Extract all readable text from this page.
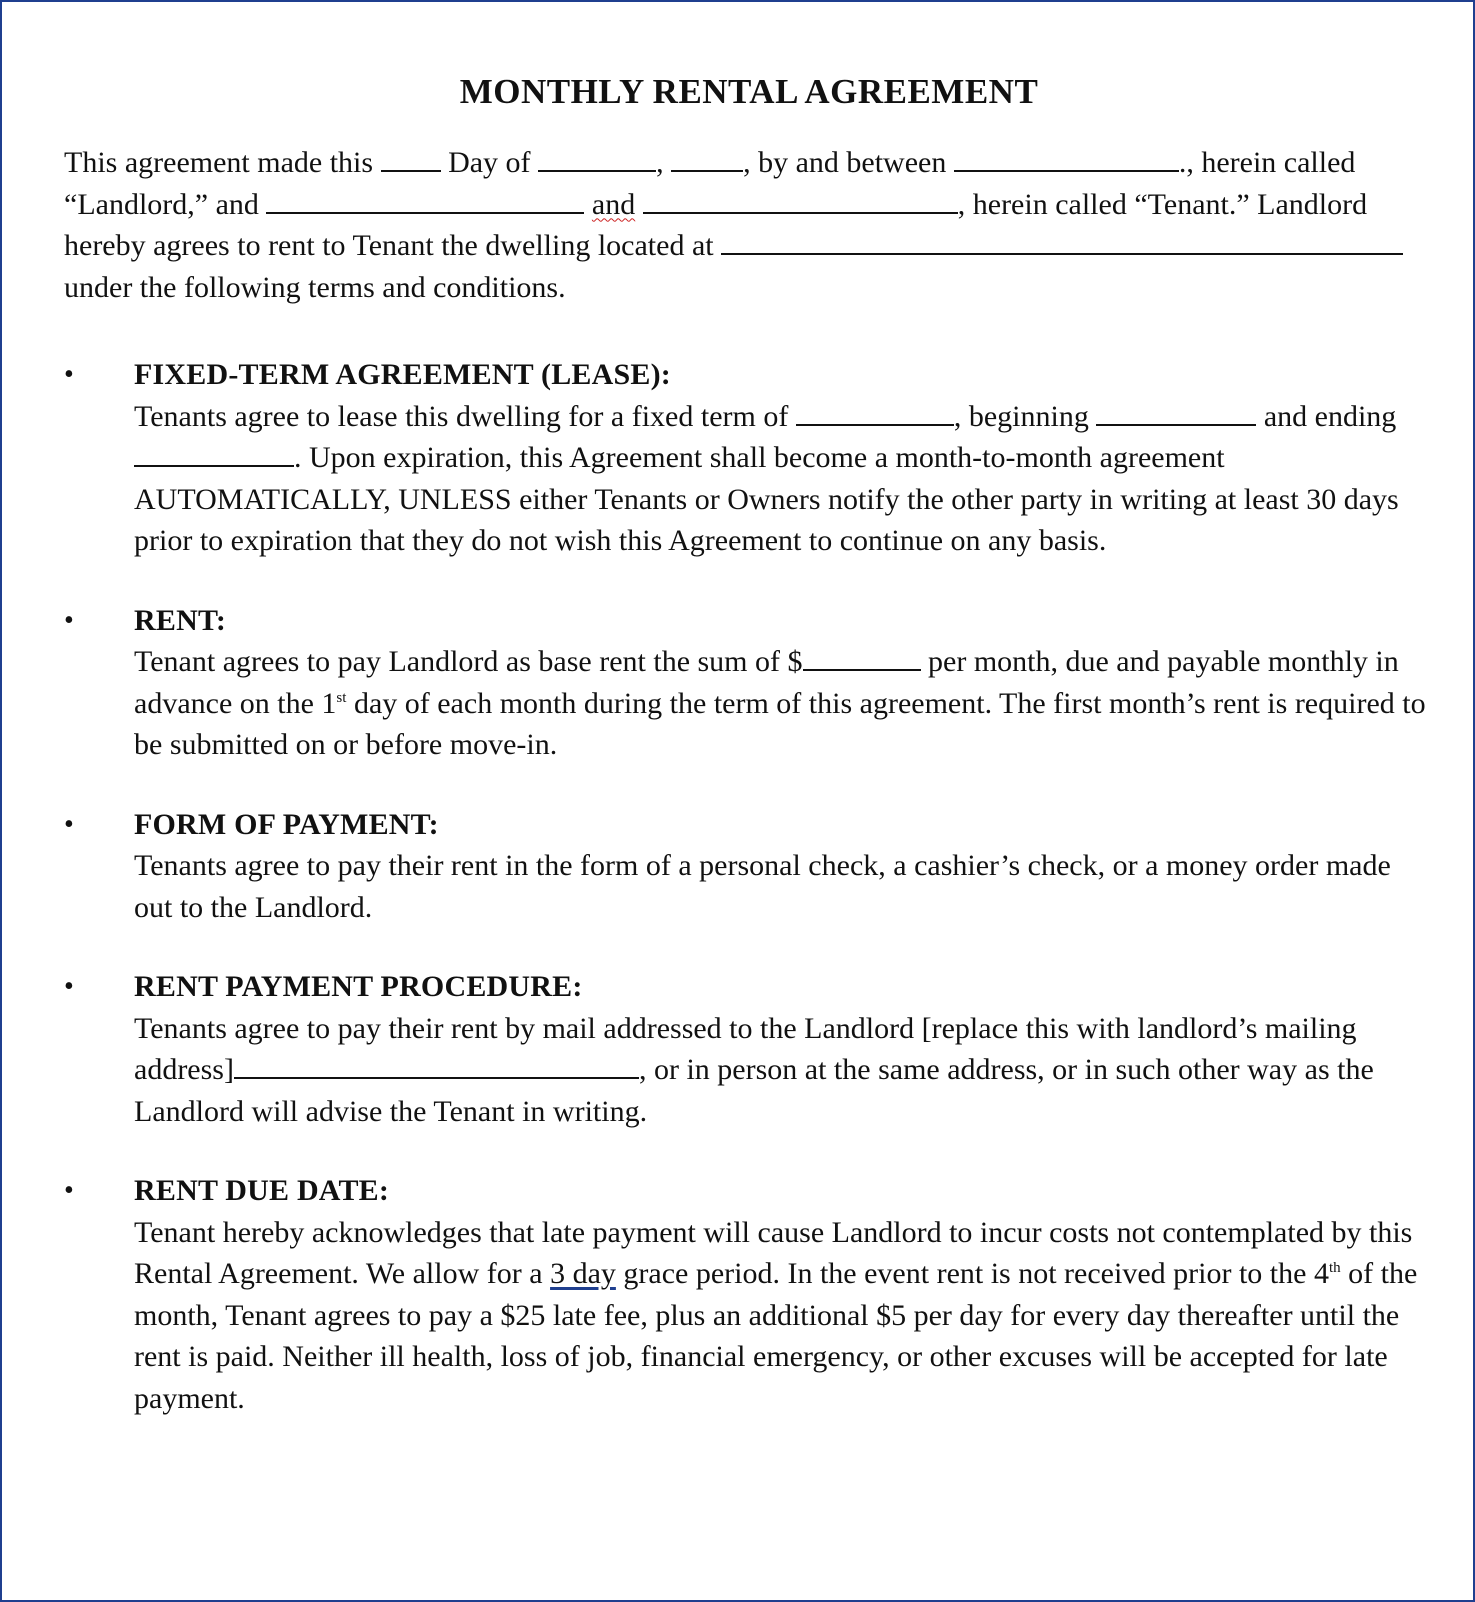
MONTHLY RENTAL AGREEMENT

This agreement made this	Day of	,	, by and between	., herein called “Landlord,” and	and	, herein called “Tenant.” Landlord hereby agrees to rent to Tenant the dwelling located at  under the following terms and conditions.

•	FIXED-TERM AGREEMENT (LEASE):

Tenants agree to lease this dwelling for a fixed term of	, beginning	and ending . Upon expiration, this Agreement shall become a month-to-month agreement AUTOMATICALLY, UNLESS either Tenants or Owners notify the other party in writing at least 30 days prior to expiration that they do not wish this Agreement to continue on any basis.

•	RENT:

Tenant agrees to pay Landlord as base rent the sum of $	per month, due and payable monthly in advance on the 1st day of each month during the term of this agreement. The first month’s rent is required to be submitted on or before move-in.

•	FORM OF PAYMENT:

Tenants agree to pay their rent in the form of a personal check, a cashier’s check, or a money order made out to the Landlord.

•	RENT PAYMENT PROCEDURE:

Tenants agree to pay their rent by mail addressed to the Landlord [replace this with landlord’s mailing address]	, or in person at the same address, or in such other way as the Landlord will advise the Tenant in writing.

•	RENT DUE DATE:

Tenant hereby acknowledges that late payment will cause Landlord to incur costs not contemplated by this Rental Agreement. We allow for a 3 day grace period. In the event rent is not received prior to the 4th of the month, Tenant agrees to pay a $25 late fee, plus an additional $5 per day for every day thereafter until the rent is paid. Neither ill health, loss of job, financial emergency, or other excuses will be accepted for late payment.
